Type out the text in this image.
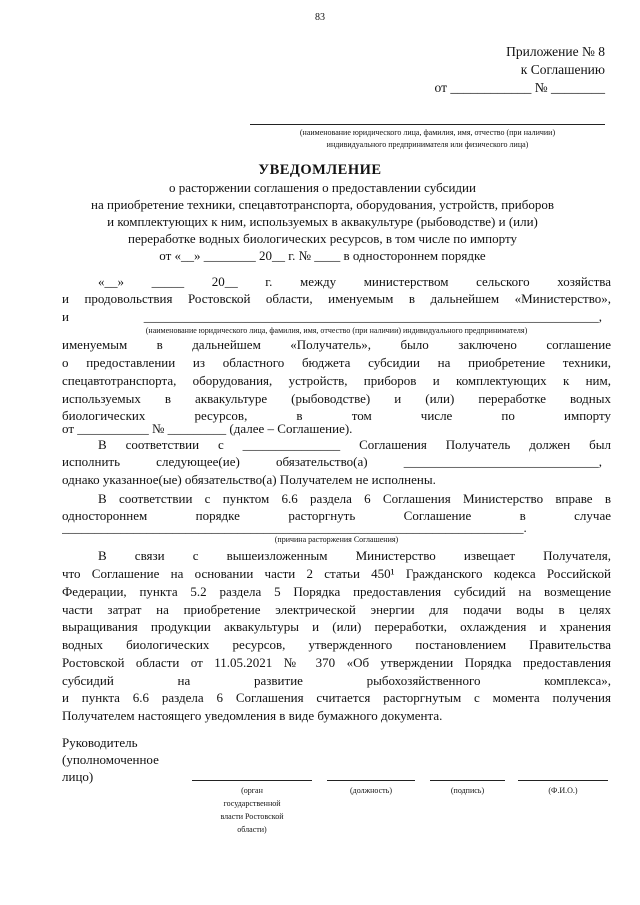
83
Приложение № 8
к Соглашению
от ____________ № ________
(наименование юридического лица, фамилия, имя, отчество (при наличии)
индивидуального предпринимателя или физического лица)
УВЕДОМЛЕНИЕ
о расторжении соглашения о предоставлении субсидии
на приобретение техники, спецавтотранспорта, оборудования, устройств, приборов
и комплектующих к ним, используемых в аквакультуре (рыбоводстве) и (или)
переработке водных биологических ресурсов, в том числе по импорту
от «__» ________ 20__ г. № ____ в одностороннем порядке
«__» _____ 20__ г. между министерством сельского хозяйства
и продовольствия Ростовской области, именуемым в дальнейшем «Министерство»,
и ______________________________________________________________________,
(наименование юридического лица, фамилия, имя, отчество (при наличии) индивидуального предпринимателя)
именуемым в дальнейшем «Получатель», было заключено соглашение
о предоставлении из областного бюджета субсидии на приобретение техники,
спецавтотранспорта, оборудования, устройств, приборов и комплектующих к ним,
используемых в аквакультуре (рыбоводстве) и (или) переработке водных
биологических ресурсов, в том числе по импорту
от ___________ № _________ (далее – Соглашение).
В соответствии с _______________ Соглашения Получатель должен был
исполнить следующее(ие) обязательство(а) ______________________________,
однако указанное(ые) обязательство(а) Получателем не исполнены.
В соответствии с пунктом 6.6 раздела 6 Соглашения Министерство вправе в
одностороннем порядке расторгнуть Соглашение в случае
_______________________________________________________________________.
(причина расторжения Соглашения)
В связи с вышеизложенным Министерство извещает Получателя,
что Соглашение на основании части 2 статьи 450¹ Гражданского кодекса Российской
Федерации, пункта 5.2 раздела 5 Порядка предоставления субсидий на возмещение
части затрат на приобретение электрической энергии для подачи воды в целях
выращивания продукции аквакультуры и (или) переработки, охлаждения и хранения
водных биологических ресурсов, утвержденного постановлением Правительства
Ростовской области от 11.05.2021 № 370 «Об утверждении Порядка предоставления
субсидий на развитие рыбохозяйственного комплекса»,
и пункта 6.6 раздела 6 Соглашения считается расторгнутым с момента получения
Получателем настоящего уведомления в виде бумажного документа.
Руководитель
(уполномоченное
лицо)
(орган
государственной
власти Ростовской
области)
(должность)	(подпись)	(Ф.И.О.)
